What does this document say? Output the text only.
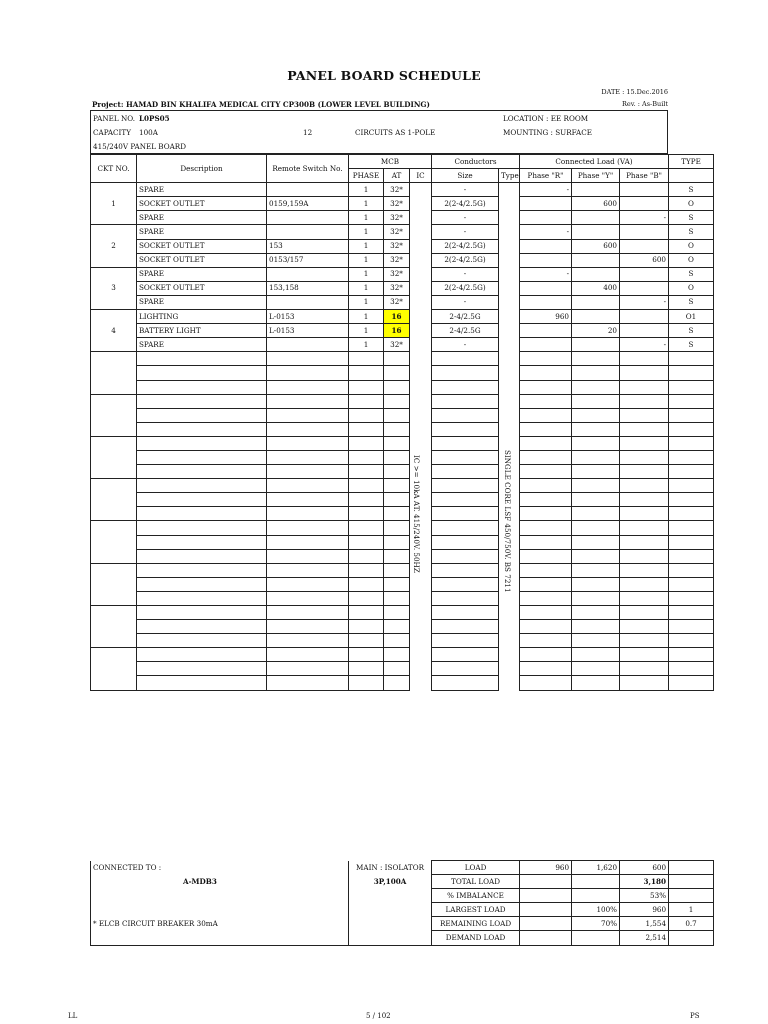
PANEL BOARD SCHEDULE
DATE : 15.Dec.2016
Rev. : As-Built
Project: HAMAD BIN KHALIFA MEDICAL CITY CP300B (LOWER LEVEL BUILDING)
PANEL NO. L0PS05	LOCATION : EE ROOM
CAPACITY 100A	12	CIRCUITS AS 1-POLE	MOUNTING : SURFACE
415/240V PANEL BOARD
CKT NO.	Description	Remote Switch No.	MCB			Conductors		Connected Load (VA)			TYPE
			PHASE	AT	IC	Size	Type	Phase "R"	Phase "Y"	Phase "B"	
1	SPARE		1	32*		-		-			S
	SOCKET OUTLET	0159,159A	1	32*		2(2-4/2.5G)			600		O
	SPARE		1	32*		-				-	S
2	SPARE		1	32*		-		-			S
	SOCKET OUTLET	153	1	32*		2(2-4/2.5G)			600		O
	SOCKET OUTLET	0153/157	1	32*		2(2-4/2.5G)				600	O
3	SPARE		1	32*		-		-			S
	SOCKET OUTLET	153,158	1	32*		2(2-4/2.5G)			400		O
	SPARE		1	32*		-				-	S
4	LIGHTING	L-0153	1	16		2-4/2.5G		960			O1
	BATTERY LIGHT	L-0153	1	16		2-4/2.5G			20		S
	SPARE		1	32*		-				-	S

IC >= 10kA AT. 415/240V. 50HZ	SINGLE CORE LSF 450/750V. BS 7211
CONNECTED TO :		MAIN : ISOLATOR	LOAD	960	1,620	600	
A-MDB3		3P,100A	TOTAL LOAD			3,180	
			% IMBALANCE			53%	
			LARGEST LOAD		100%	960	1
* ELCB CIRCUIT BREAKER 30mA			REMAINING LOAD		70%	1,554	0.7
			DEMAND LOAD			2,514	
LL	5 / 102	PS
